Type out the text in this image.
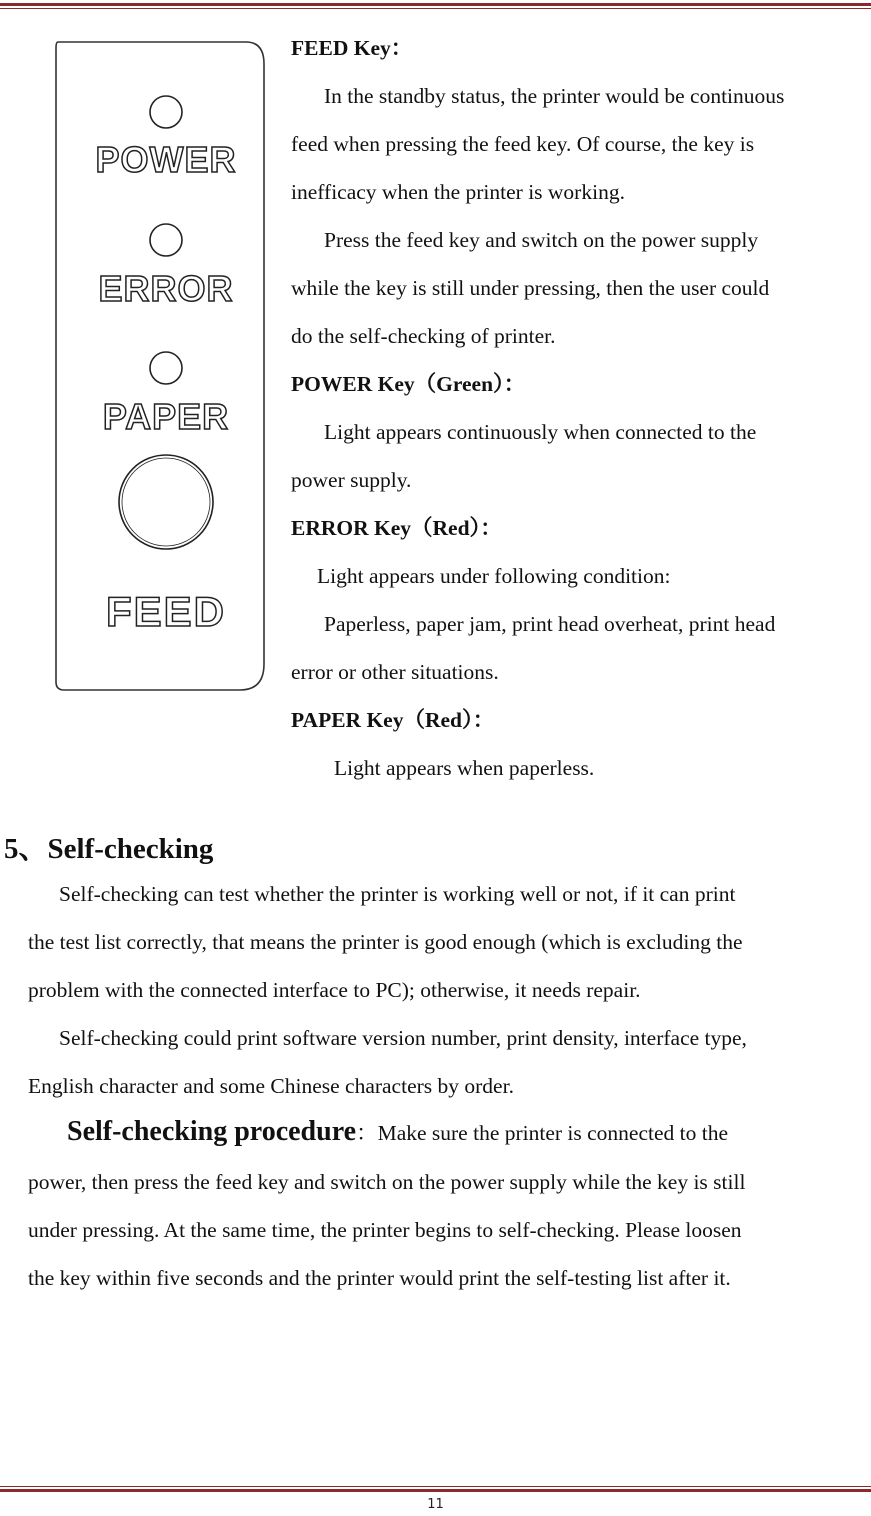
POWER
ERROR
PAPER
FEED

FEED Key：

In the standby status, the printer would be continuous

feed when pressing the feed key. Of course, the key is

inefficacy when the printer is working.

Press the feed key and switch on the power supply

while the key is still under pressing, then the user could

do the self-checking of printer.

POWER Key（Green）：

Light appears continuously when connected to the

power supply.

ERROR Key（Red）：

Light appears under following condition:

Paperless, paper jam, print head overheat, print head

error or other situations.

PAPER Key（Red）：

Light appears when paperless.

5、Self-checking

Self-checking can test whether the printer is working well or not, if it can print

the test list correctly, that means the printer is good enough (which is excluding the

problem with the connected interface to PC); otherwise, it needs repair.

Self-checking could print software version number, print density, interface type,

English character and some Chinese characters by order.

Self-checking procedure：Make sure the printer is connected to the

power, then press the feed key and switch on the power supply while the key is still

under pressing. At the same time, the printer begins to self-checking. Please loosen

the key within five seconds and the printer would print the self-testing list after it.

11
